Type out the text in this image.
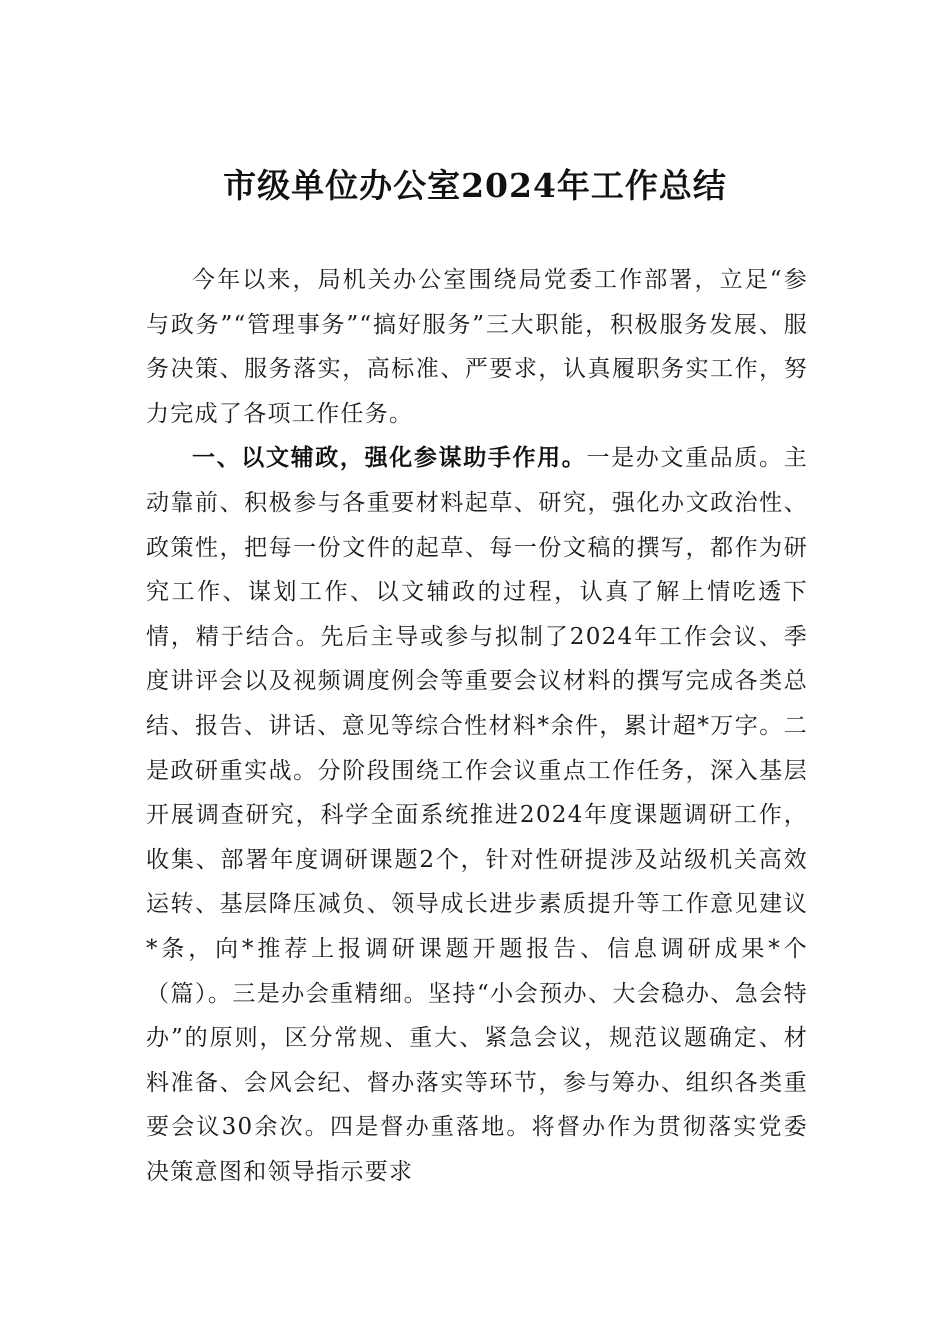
市级单位办公室2024年工作总结

今年以来，局机关办公室围绕局党委工作部署，立足“参与政务”“管理事务”“搞好服务”三大职能，积极服务发展、服务决策、服务落实，高标准、严要求，认真履职务实工作，努力完成了各项工作任务。

一、以文辅政，强化参谋助手作用。一是办文重品质。主动靠前、积极参与各重要材料起草、研究，强化办文政治性、政策性，把每一份文件的起草、每一份文稿的撰写，都作为研究工作、谋划工作、以文辅政的过程，认真了解上情吃透下情，精于结合。先后主导或参与拟制了2024年工作会议、季度讲评会以及视频调度例会等重要会议材料的撰写完成各类总结、报告、讲话、意见等综合性材料*余件，累计超*万字。二是政研重实战。分阶段围绕工作会议重点工作任务，深入基层开展调查研究，科学全面系统推进2024年度课题调研工作，收集、部署年度调研课题2个，针对性研提涉及站级机关高效运转、基层降压减负、领导成长进步素质提升等工作意见建议*条，向*推荐上报调研课题开题报告、信息调研成果*个（篇）。三是办会重精细。坚持“小会预办、大会稳办、急会特办”的原则，区分常规、重大、紧急会议，规范议题确定、材料准备、会风会纪、督办落实等环节，参与筹办、组织各类重要会议30余次。四是督办重落地。将督办作为贯彻落实党委决策意图和领导指示要求
